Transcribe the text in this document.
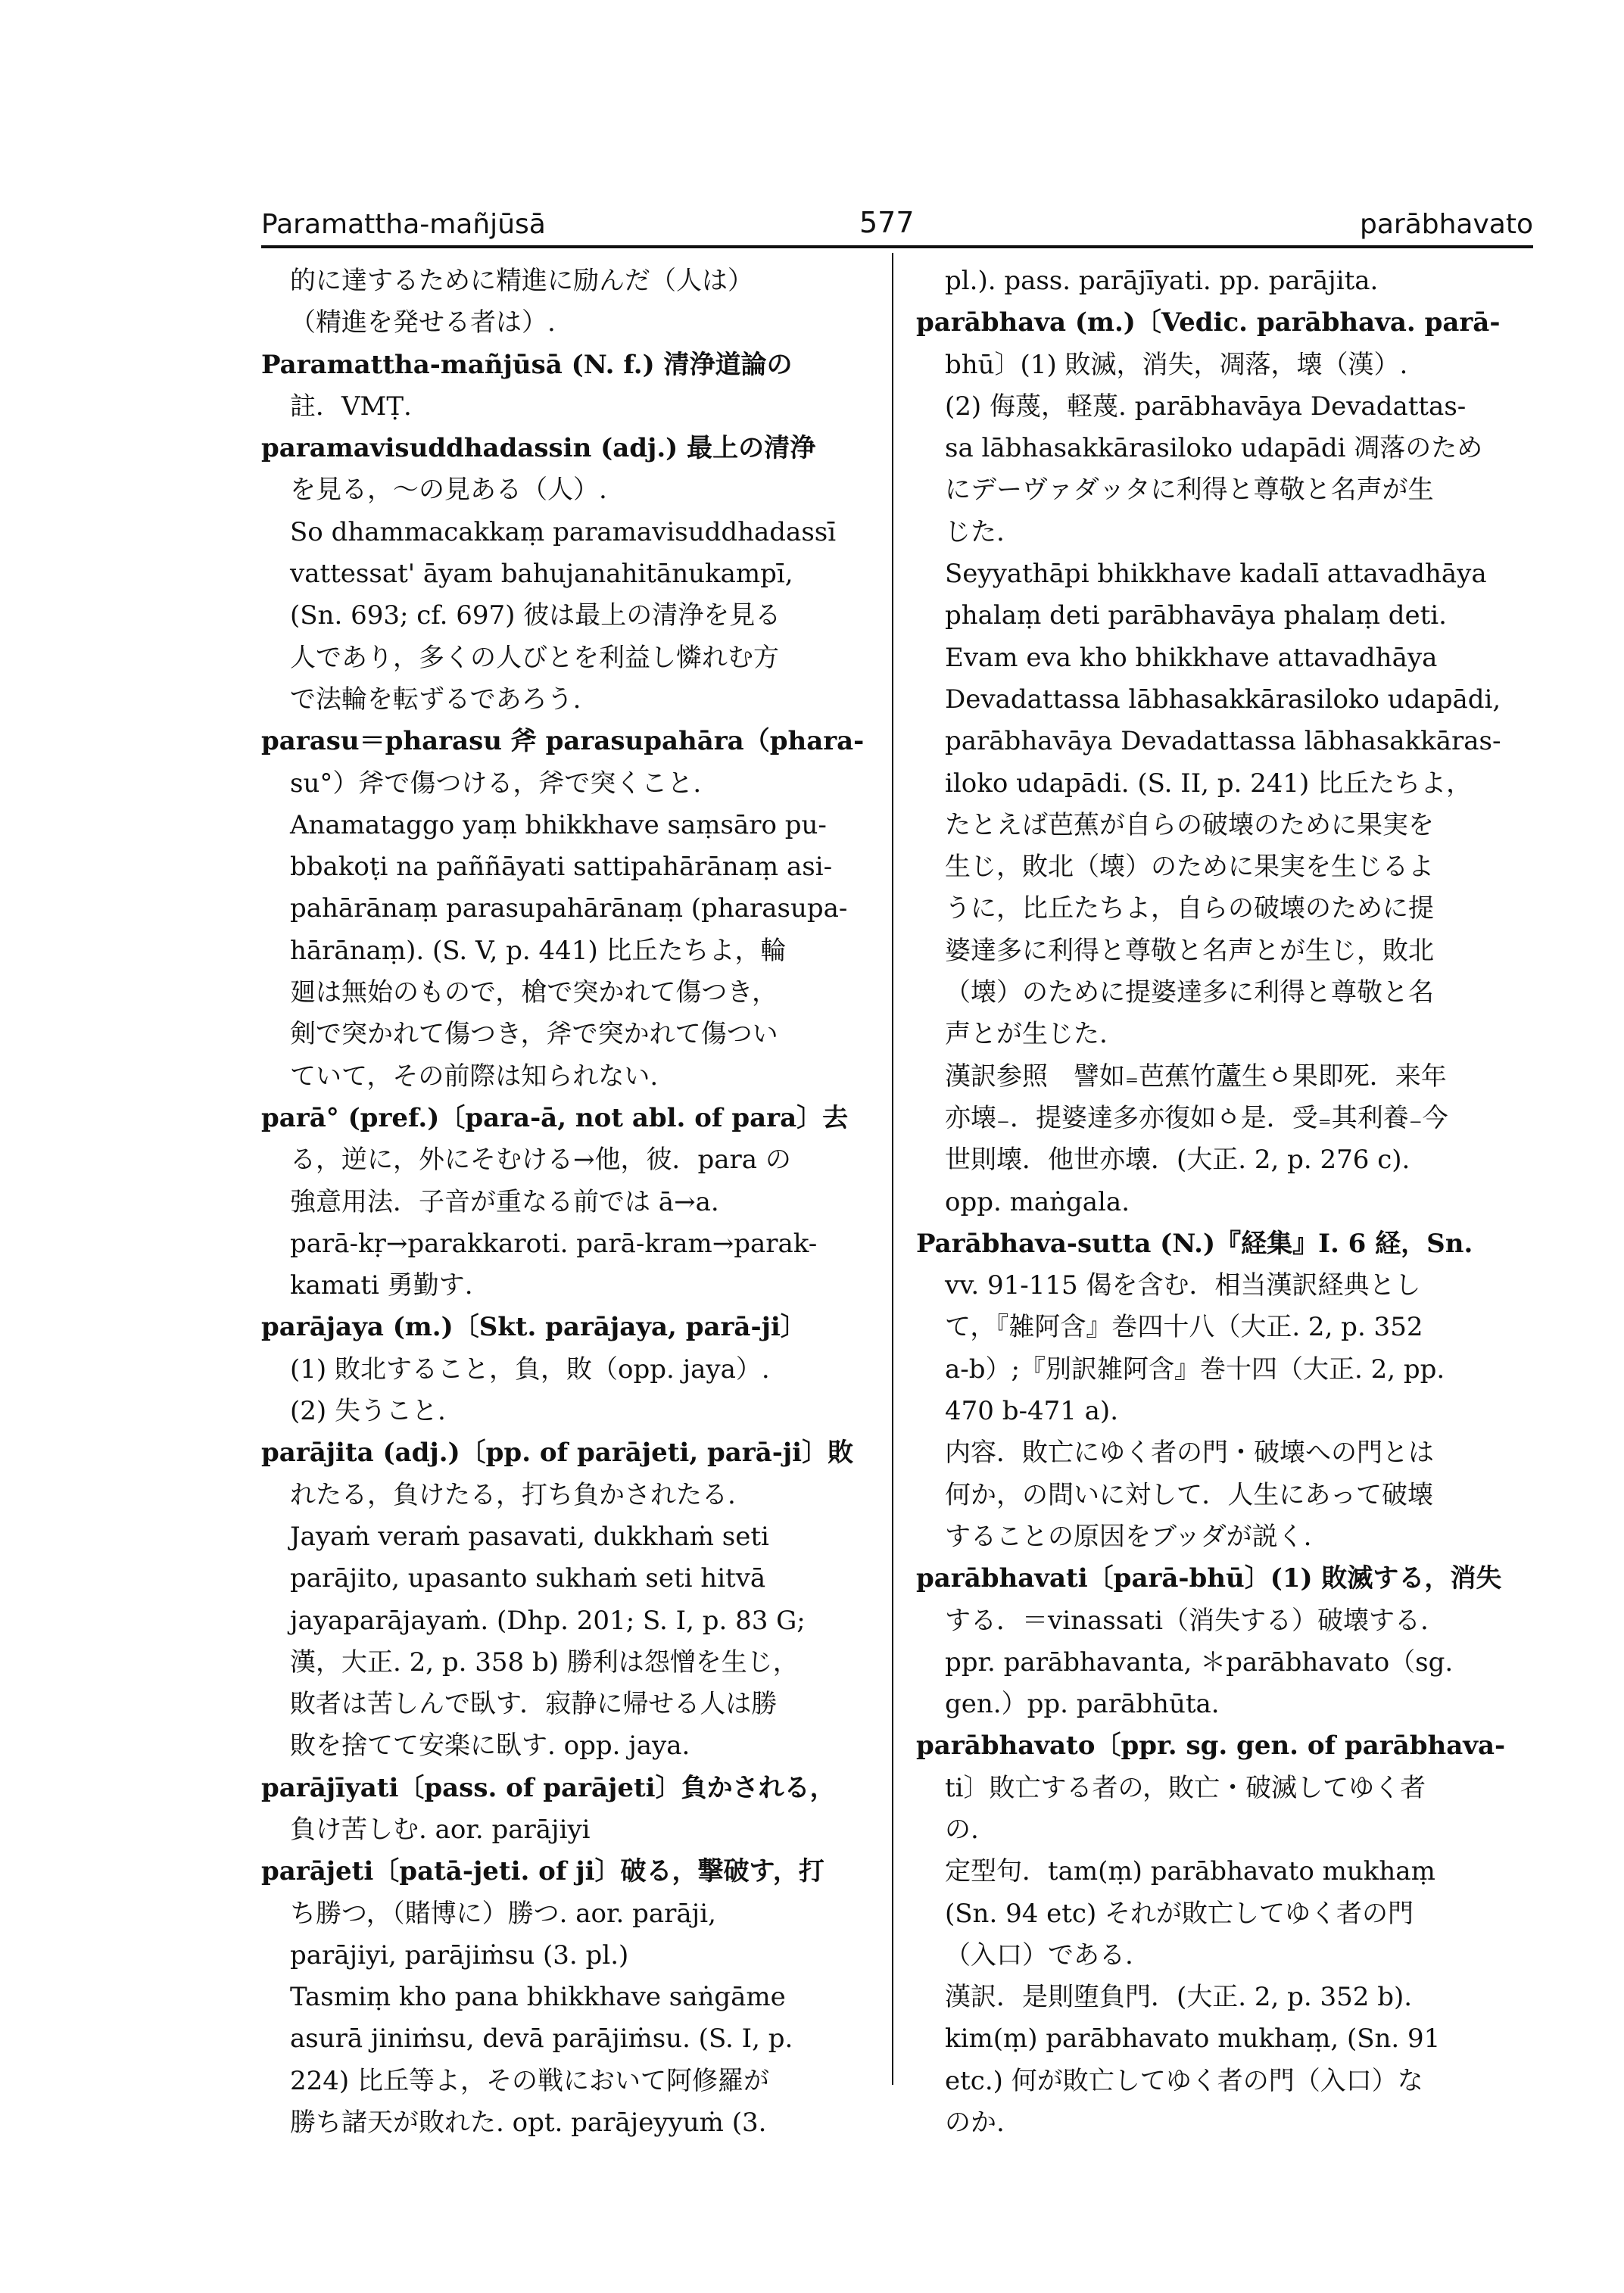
Paramattha-mañjūsā	577	parābhavato
的に達するために精進に励んだ（人は）
（精進を発せる者は）.
Paramattha-mañjūsā (N. f.) 清浄道論の
註．VMṬ.
paramavisuddhadassin (adj.) 最上の清浄
を見る，～の見ある（人）.
So dhammacakkaṃ paramavisuddhadassī
vattessat' āyam bahujanahitānukampī,
(Sn. 693; cf. 697) 彼は最上の清浄を見る
人であり，多くの人びとを利益し憐れむ方
で法輪を転ずるであろう.
parasu＝pharasu 斧 parasupahāra（phara-
su°）斧で傷つける，斧で突くこと.
Anamataggo yaṃ bhikkhave saṃsāro pu-
bbakoṭi na paññāyati sattipahārānaṃ asi-
pahārānaṃ parasupahārānaṃ (pharasupa-
hārānaṃ). (S. V, p. 441) 比丘たちよ，輪
廻は無始のもので，槍で突かれて傷つき，
剣で突かれて傷つき，斧で突かれて傷つい
ていて，その前際は知られない.
parā° (pref.)〔para-ā, not abl. of para〕去
る，逆に，外にそむける→他，彼．para の
強意用法．子音が重なる前では ā→a.
parā-kṛ→parakkaroti. parā-kram→parak-
kamati 勇勤す.
parājaya (m.)〔Skt. parājaya, parā-ji〕
(1) 敗北すること，負，敗（opp. jaya）.
(2) 失うこと.
parājita (adj.)〔pp. of parājeti, parā-ji〕敗
れたる，負けたる，打ち負かされたる.
Jayaṁ veraṁ pasavati, dukkhaṁ seti
parājito, upasanto sukhaṁ seti hitvā
jayaparājayaṁ. (Dhp. 201; S. I, p. 83 G;
漢，大正. 2, p. 358 b) 勝利は怨憎を生じ，
敗者は苦しんで臥す．寂静に帰せる人は勝
敗を捨てて安楽に臥す. opp. jaya.
parājīyati〔pass. of parājeti〕負かされる，
負け苦しむ. aor. parājiyi
parājeti〔patā-jeti. of ji〕破る，撃破す，打
ち勝つ，（賭博に）勝つ. aor. parāji,
parājiyi, parājiṁsu (3. pl.)
Tasmiṃ kho pana bhikkhave saṅgāme
asurā jiniṁsu, devā parājiṁsu. (S. I, p.
224) 比丘等よ，その戦において阿修羅が
勝ち諸天が敗れた. opt. parājeyyuṁ (3.
pl.). pass. parājīyati. pp. parājita.
parābhava (m.)〔Vedic. parābhava. parā-
bhū〕(1) 敗滅，消失，凋落，壊（漢）.
(2) 侮蔑，軽蔑. parābhavāya Devadattas-
sa lābhasakkārasiloko udapādi 凋落のため
にデーヴァダッタに利得と尊敬と名声が生
じた.
Seyyathāpi bhikkhave kadalī attavadhāya
phalaṃ deti parābhavāya phalaṃ deti.
Evam eva kho bhikkhave attavadhāya
Devadattassa lābhasakkārasiloko udapādi,
parābhavāya Devadattassa lābhasakkāras-
iloko udapādi. (S. II, p. 241) 比丘たちよ，
たとえば芭蕉が自らの破壊のために果実を
生じ，敗北（壊）のために果実を生じるよ
うに，比丘たちよ，自らの破壊のために提
婆達多に利得と尊敬と名声とが生じ，敗北
（壊）のために提婆達多に利得と尊敬と名
声とが生じた.
漢訳参照　譬如₌芭蕉竹蘆生ㆁ果即死．来年
亦壊₋．提婆達多亦復如ㆁ是．受₌其利養₋今
世則壊．他世亦壊．(大正. 2, p. 276 c).
opp. maṅgala.
Parābhava-sutta (N.)『経集』I. 6 経，Sn.
vv. 91-115 偈を含む．相当漢訳経典とし
て，『雑阿含』巻四十八（大正. 2, p. 352
a-b）;『別訳雑阿含』巻十四（大正. 2, pp.
470 b-471 a).
内容．敗亡にゆく者の門・破壊への門とは
何か，の問いに対して．人生にあって破壊
することの原因をブッダが説く.
parābhavati〔parā-bhū〕(1) 敗滅する，消失
する．＝vinassati（消失する）破壊する.
ppr. parābhavanta, ＊parābhavato（sg.
gen.）pp. parābhūta.
parābhavato〔ppr. sg. gen. of parābhava-
ti〕敗亡する者の，敗亡・破滅してゆく者
の.
定型句．tam(ṃ) parābhavato mukhaṃ
(Sn. 94 etc) それが敗亡してゆく者の門
（入口）である.
漢訳．是則堕負門．(大正. 2, p. 352 b).
kim(ṃ) parābhavato mukhaṃ, (Sn. 91
etc.) 何が敗亡してゆく者の門（入口）な
のか.
